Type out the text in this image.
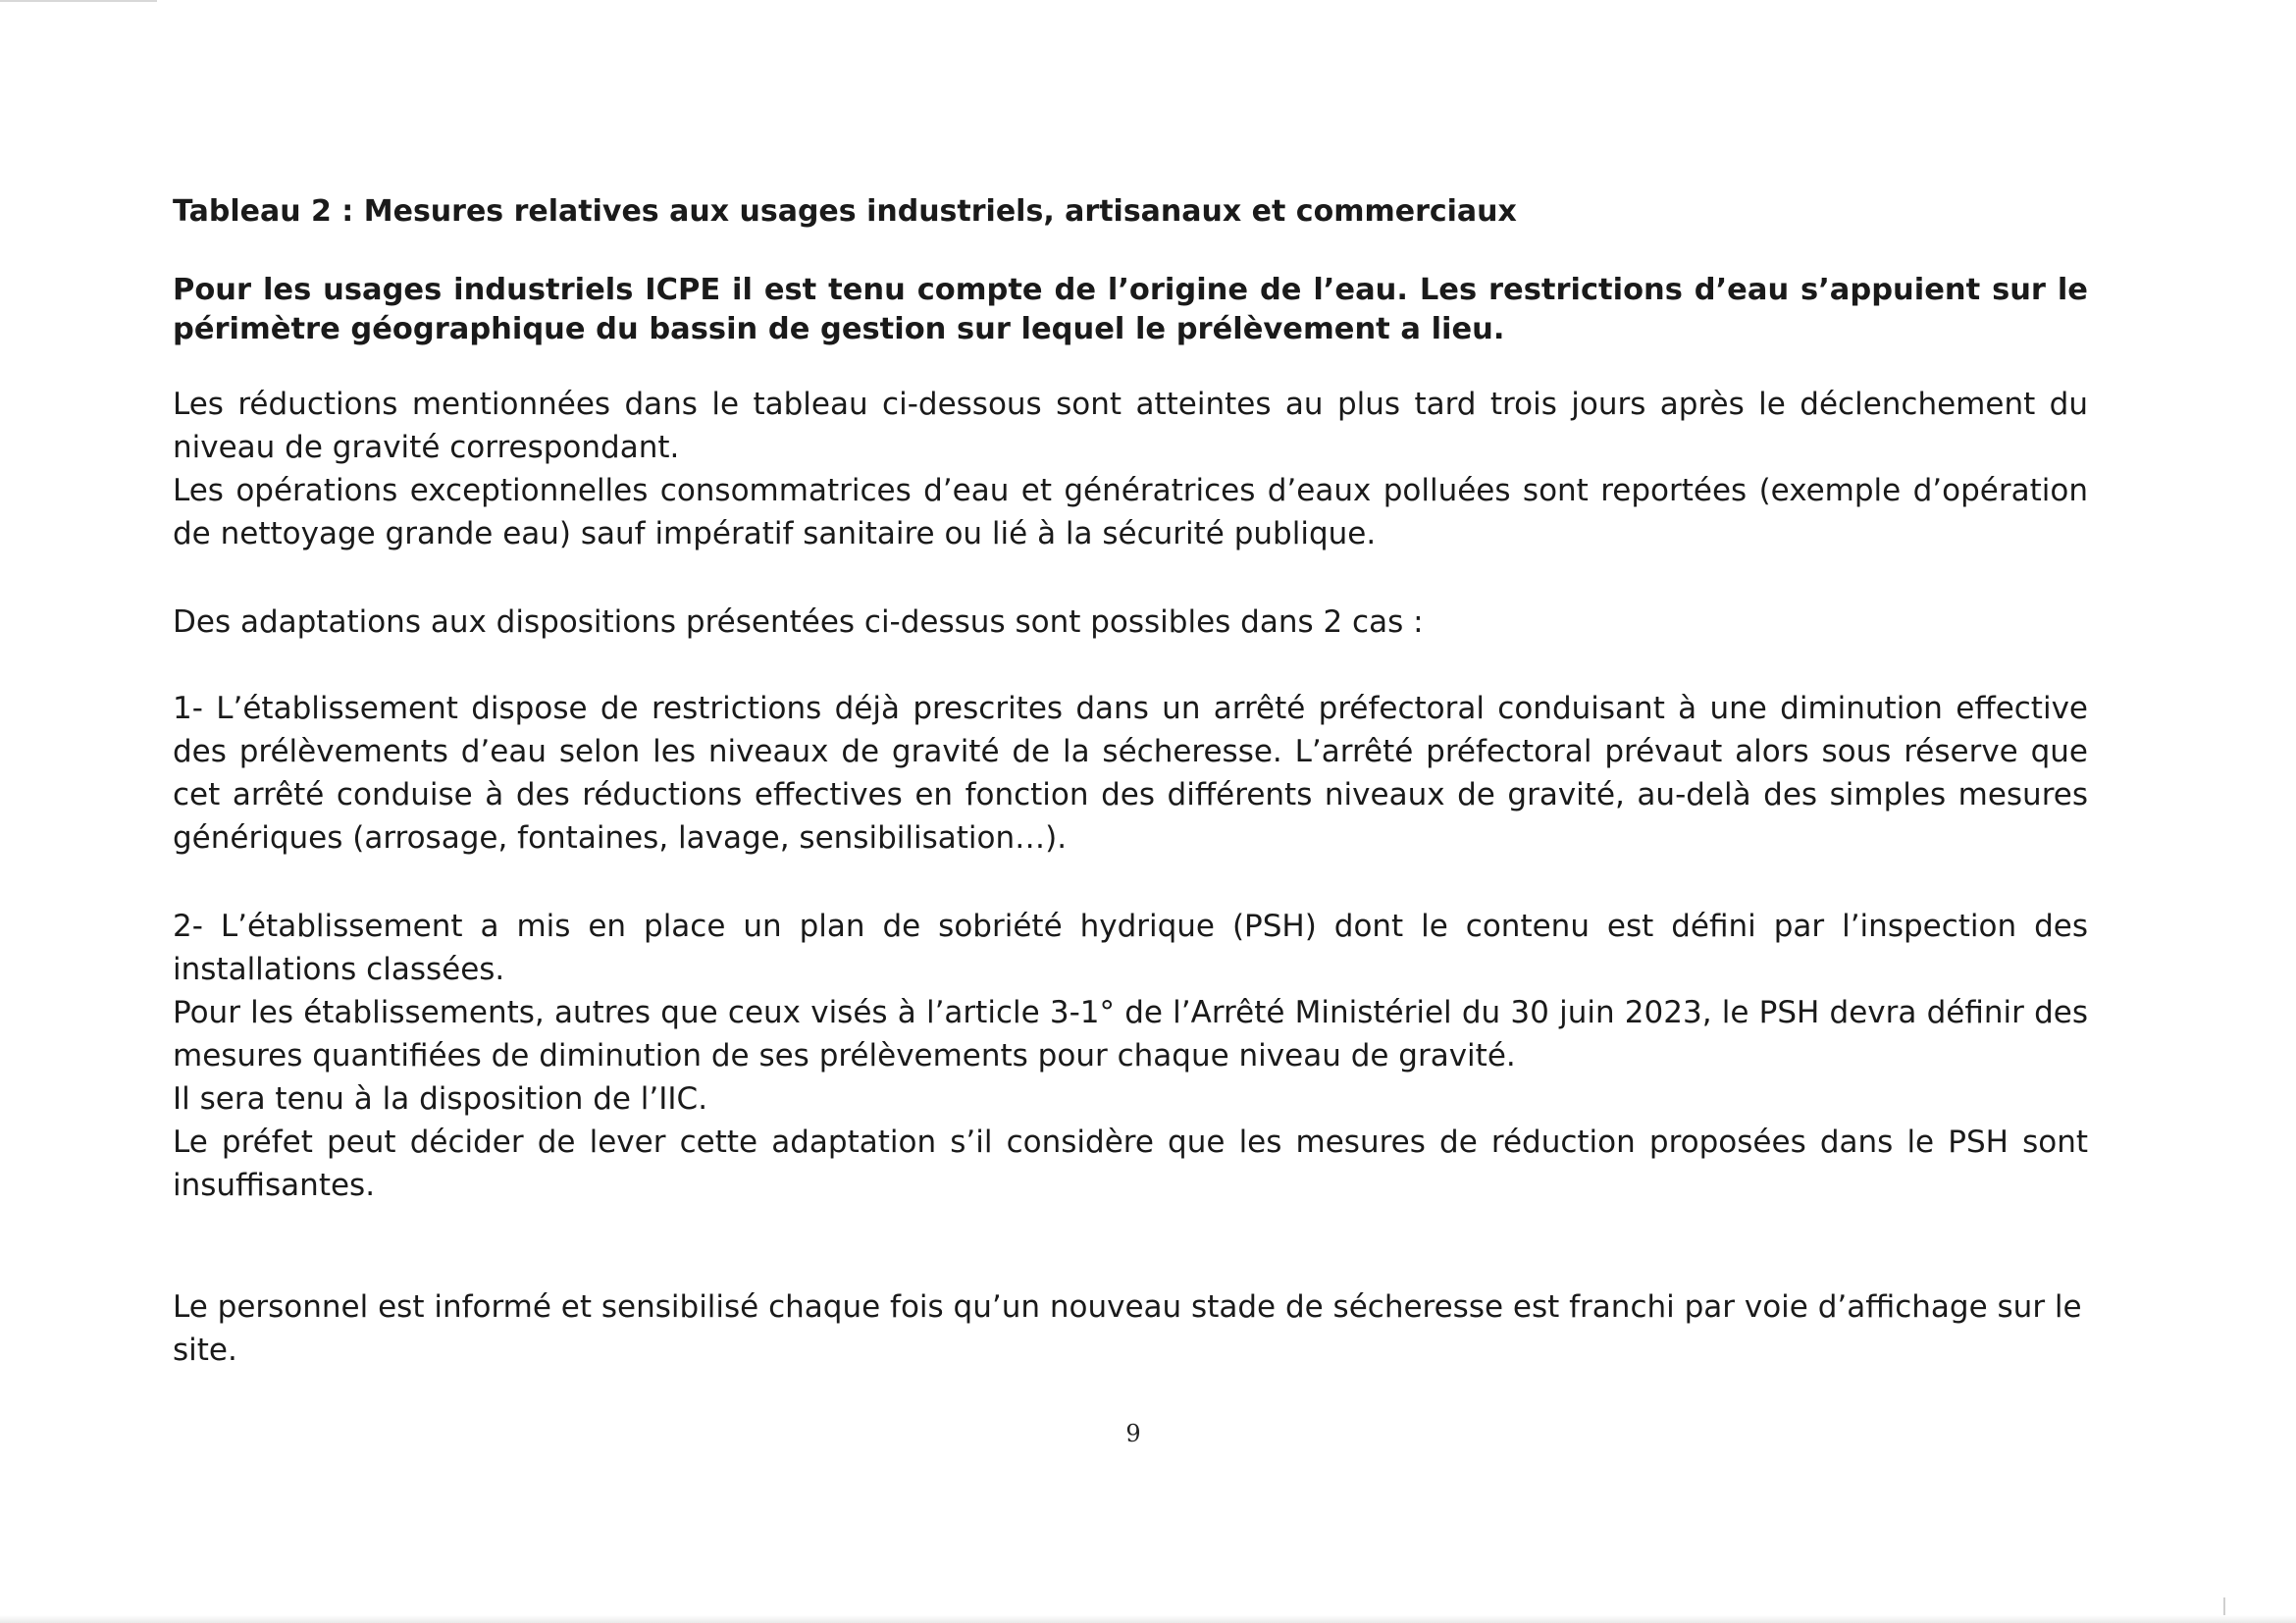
Tableau 2 : Mesures relatives aux usages industriels, artisanaux et commerciaux

Pour les usages industriels ICPE il est tenu compte de l’origine de l’eau. Les restrictions d’eau s’appuient sur le périmètre géographique du bassin de gestion sur lequel le prélèvement a lieu.

Les réductions mentionnées dans le tableau ci-dessous sont atteintes au plus tard trois jours après le déclenchement du niveau de gravité correspondant.

Les opérations exceptionnelles consommatrices d’eau et génératrices d’eaux polluées sont reportées (exemple d’opération de nettoyage grande eau) sauf impératif sanitaire ou lié à la sécurité publique.

Des adaptations aux dispositions présentées ci-dessus sont possibles dans 2 cas :

1- L’établissement dispose de restrictions déjà prescrites dans un arrêté préfectoral conduisant à une diminution effective des prélèvements d’eau selon les niveaux de gravité de la sécheresse. L’arrêté préfectoral prévaut alors sous réserve que cet arrêté conduise à des réductions effectives en fonction des différents niveaux de gravité, au-delà des simples mesures génériques (arrosage, fontaines, lavage, sensibilisation…).

2- L’établissement a mis en place un plan de sobriété hydrique (PSH) dont le contenu est défini par l’inspection des installations classées.

Pour les établissements, autres que ceux visés à l’article 3-1° de l’Arrêté Ministériel du 30 juin 2023, le PSH devra définir des mesures quantifiées de diminution de ses prélèvements pour chaque niveau de gravité.

Il sera tenu à la disposition de l’IIC.

Le préfet peut décider de lever cette adaptation s’il considère que les mesures de réduction proposées dans le PSH sont insuffisantes.

Le personnel est informé et sensibilisé chaque fois qu’un nouveau stade de sécheresse est franchi par voie d’affichage sur le site.

9
